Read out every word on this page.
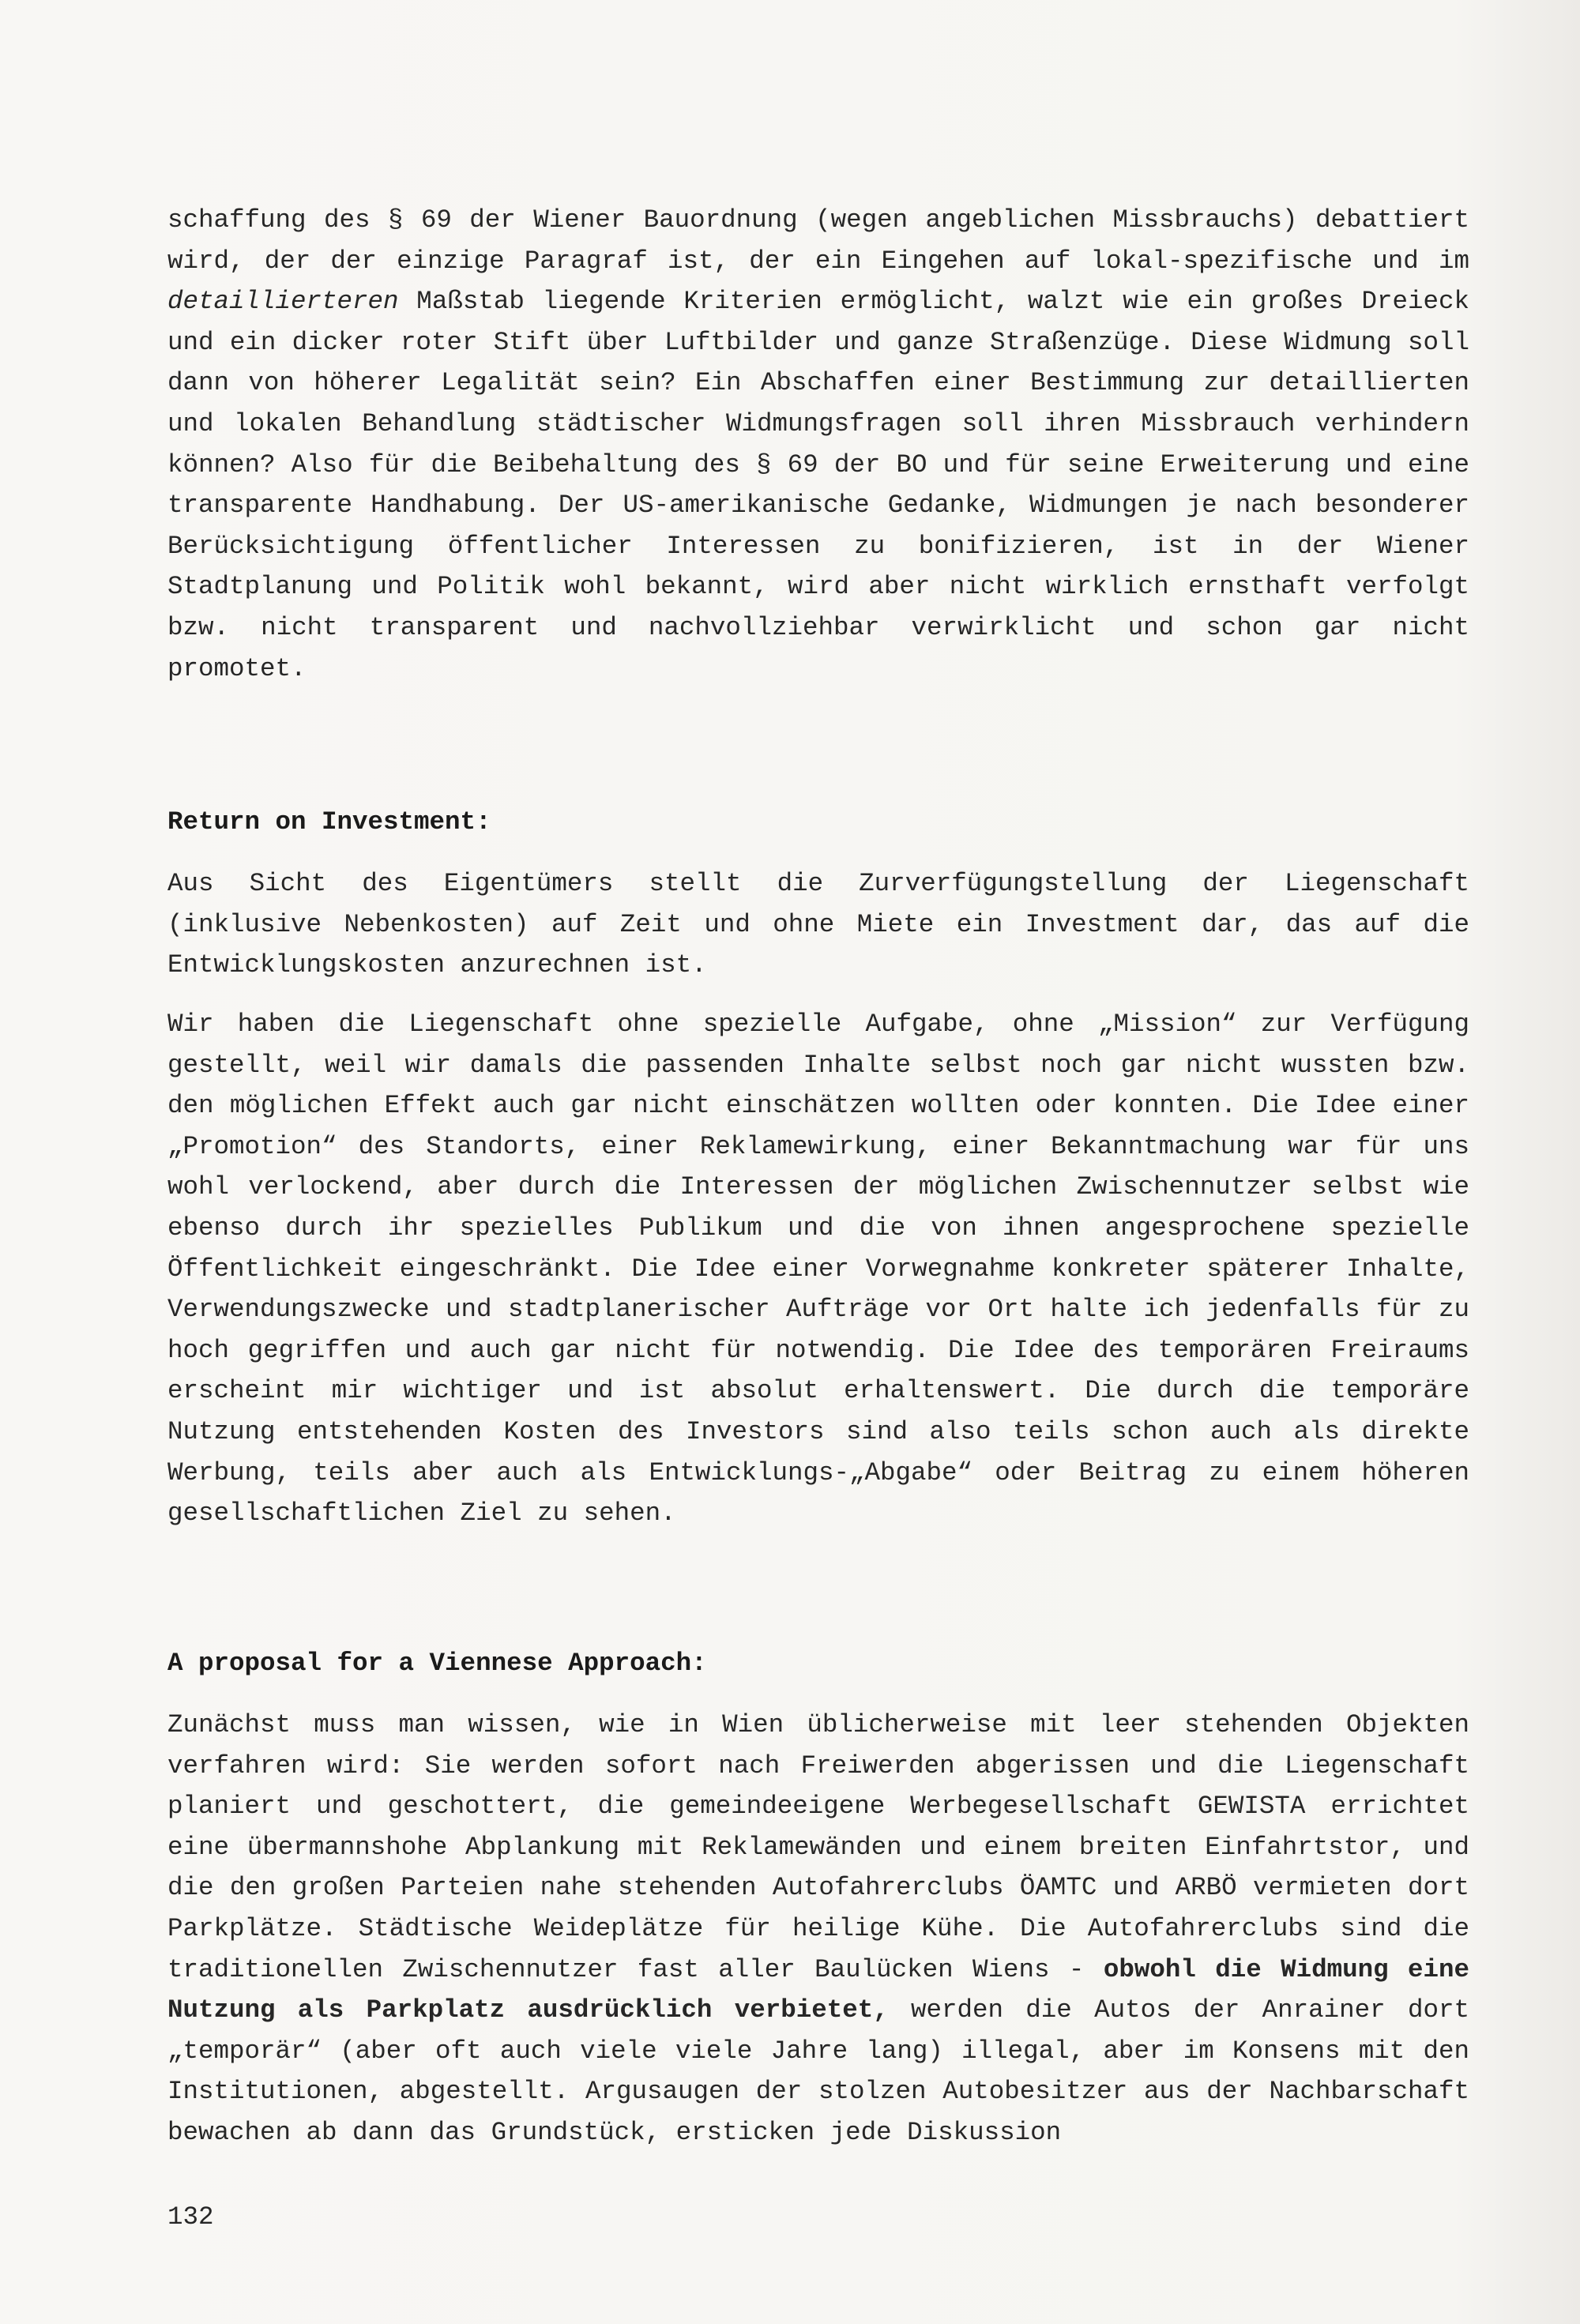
schaffung des § 69 der Wiener Bauordnung (wegen angeblichen Missbrauchs) debattiert wird, der der einzige Paragraf ist, der ein Eingehen auf lokal-spezifische und im detaillierteren Maßstab liegende Kriterien ermöglicht, walzt wie ein großes Dreieck und ein dicker roter Stift über Luftbilder und ganze Straßenzüge. Diese Widmung soll dann von höherer Legalität sein? Ein Abschaffen einer Bestimmung zur detaillierten und lokalen Behandlung städtischer Widmungsfragen soll ihren Missbrauch verhindern können? Also für die Beibehaltung des § 69 der BO und für seine Erweiterung und eine transparente Handhabung. Der US-amerikanische Gedanke, Widmungen je nach besonderer Berücksichtigung öffentlicher Interessen zu bonifizieren, ist in der Wiener Stadtplanung und Politik wohl bekannt, wird aber nicht wirklich ernsthaft verfolgt bzw. nicht transparent und nachvollziehbar verwirklicht und schon gar nicht promotet.

Return on Investment:

Aus Sicht des Eigentümers stellt die Zurverfügungstellung der Liegenschaft (inklusive Nebenkosten) auf Zeit und ohne Miete ein Investment dar, das auf die Entwicklungskosten anzurechnen ist.

Wir haben die Liegenschaft ohne spezielle Aufgabe, ohne „Mission“ zur Verfügung gestellt, weil wir damals die passenden Inhalte selbst noch gar nicht wussten bzw. den möglichen Effekt auch gar nicht einschätzen wollten oder konnten. Die Idee einer „Promotion“ des Standorts, einer Reklamewirkung, einer Bekanntmachung war für uns wohl verlockend, aber durch die Interessen der möglichen Zwischennutzer selbst wie ebenso durch ihr spezielles Publikum und die von ihnen angesprochene spezielle Öffentlichkeit eingeschränkt. Die Idee einer Vorwegnahme konkreter späterer Inhalte, Verwendungszwecke und stadtplanerischer Aufträge vor Ort halte ich jedenfalls für zu hoch gegriffen und auch gar nicht für notwendig. Die Idee des temporären Freiraums erscheint mir wichtiger und ist absolut erhaltenswert. Die durch die temporäre Nutzung entstehenden Kosten des Investors sind also teils schon auch als direkte Werbung, teils aber auch als Entwicklungs-„Abgabe“ oder Beitrag zu einem höheren gesellschaftlichen Ziel zu sehen.

A proposal for a Viennese Approach:

Zunächst muss man wissen, wie in Wien üblicherweise mit leer stehenden Objekten verfahren wird: Sie werden sofort nach Freiwerden abgerissen und die Liegenschaft planiert und geschottert, die gemeindeeigene Werbegesellschaft GEWISTA errichtet eine übermannshohe Abplankung mit Reklamewänden und einem breiten Einfahrtstor, und die den großen Parteien nahe stehenden Autofahrerclubs ÖAMTC und ARBÖ vermieten dort Parkplätze. Städtische Weideplätze für heilige Kühe. Die Autofahrerclubs sind die traditionellen Zwischennutzer fast aller Baulücken Wiens - obwohl die Widmung eine Nutzung als Parkplatz ausdrücklich verbietet, werden die Autos der Anrainer dort „temporär“ (aber oft auch viele viele Jahre lang) illegal, aber im Konsens mit den Institutionen, abgestellt. Argusaugen der stolzen Autobesitzer aus der Nachbarschaft bewachen ab dann das Grundstück, ersticken jede Diskussion

132
